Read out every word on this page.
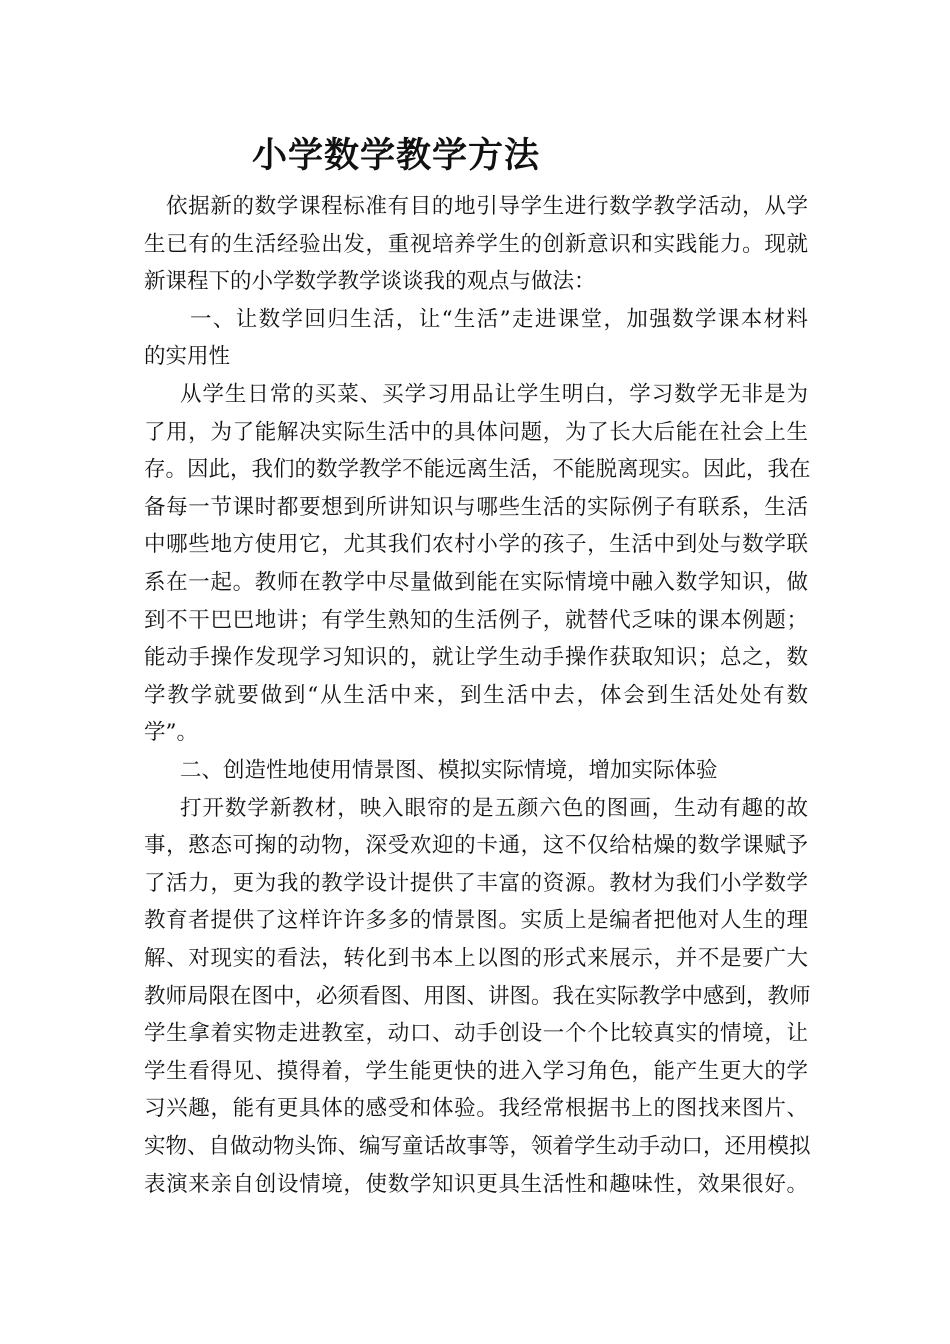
小学数学教学方法
依据新的数学课程标准有目的地引导学生进行数学教学活动，从学
生已有的生活经验出发，重视培养学生的创新意识和实践能力。现就
新课程下的小学数学教学谈谈我的观点与做法：
一、让数学回归生活，让“生活”走进课堂，加强数学课本材料
的实用性
从学生日常的买菜、买学习用品让学生明白，学习数学无非是为
了用，为了能解决实际生活中的具体问题，为了长大后能在社会上生
存。因此，我们的数学教学不能远离生活，不能脱离现实。因此，我在
备每一节课时都要想到所讲知识与哪些生活的实际例子有联系，生活
中哪些地方使用它，尤其我们农村小学的孩子，生活中到处与数学联
系在一起。教师在教学中尽量做到能在实际情境中融入数学知识，做
到不干巴巴地讲；有学生熟知的生活例子，就替代乏味的课本例题；
能动手操作发现学习知识的，就让学生动手操作获取知识；总之，数
学教学就要做到“从生活中来，到生活中去，体会到生活处处有数
学”。
二、创造性地使用情景图、模拟实际情境，增加实际体验
打开数学新教材，映入眼帘的是五颜六色的图画，生动有趣的故
事，憨态可掬的动物，深受欢迎的卡通，这不仅给枯燥的数学课赋予
了活力，更为我的教学设计提供了丰富的资源。教材为我们小学数学
教育者提供了这样许许多多的情景图。实质上是编者把他对人生的理
解、对现实的看法，转化到书本上以图的形式来展示，并不是要广大
教师局限在图中，必须看图、用图、讲图。我在实际教学中感到，教师
学生拿着实物走进教室，动口、动手创设一个个比较真实的情境，让
学生看得见、摸得着，学生能更快的进入学习角色，能产生更大的学
习兴趣，能有更具体的感受和体验。我经常根据书上的图找来图片、
实物、自做动物头饰、编写童话故事等，领着学生动手动口，还用模拟
表演来亲自创设情境，使数学知识更具生活性和趣味性，效果很好。
